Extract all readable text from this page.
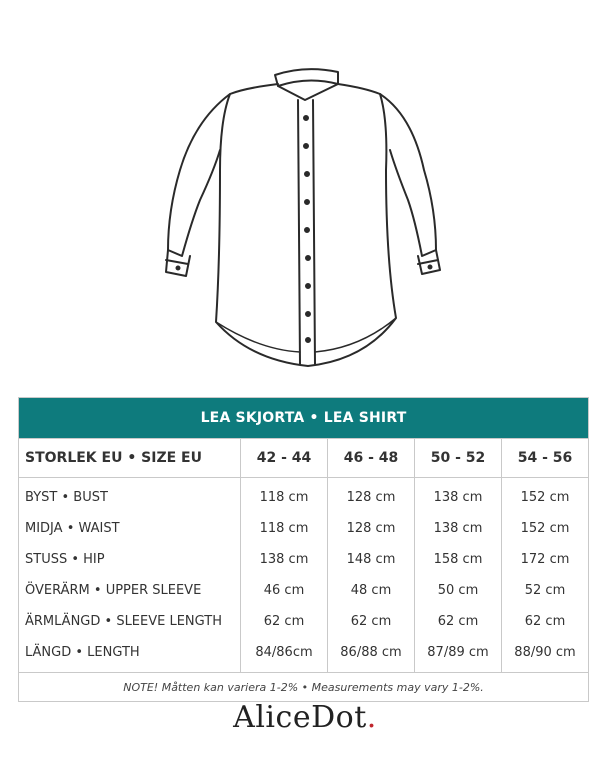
LEA SKJORTA • LEA SHIRT				
STORLEK EU • SIZE EU	42 - 44	46 - 48	50 - 52	54 - 56
BYST • BUST	118 cm	128 cm	138 cm	152 cm
MIDJA • WAIST	118 cm	128 cm	138 cm	152 cm
STUSS • HIP	138 cm	148 cm	158 cm	172 cm
ÖVERÄRM • UPPER SLEEVE	46 cm	48 cm	50 cm	52 cm
ÄRMLÄNGD • SLEEVE LENGTH	62 cm	62 cm	62 cm	62 cm
LÄNGD • LENGTH	84/86cm	86/88 cm	87/89 cm	88/90 cm
NOTE! Måtten kan variera 1-2% • Measurements may vary 1-2%.				
AliceDot.
